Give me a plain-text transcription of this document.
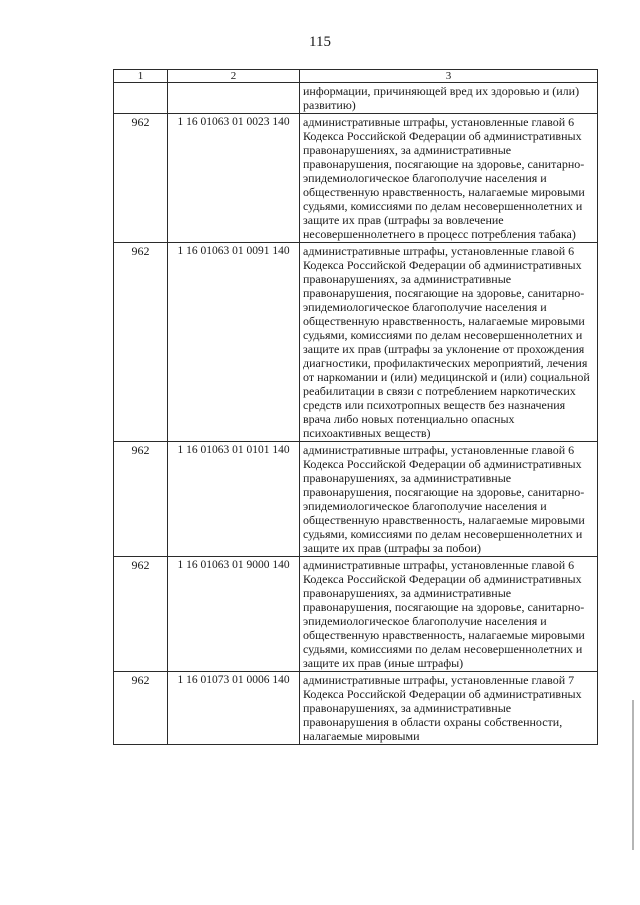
115
1	2	3
		информации, причиняющей вред их здоровью и (или) развитию)
962	1 16 01063 01 0023 140	административные штрафы, установленные главой 6 Кодекса Российской Федерации об административных правонарушениях, за административные правонарушения, посягающие на здоровье, санитарно-эпидемиологическое благополучие населения и общественную нравственность, налагаемые мировыми судьями, комиссиями по делам несовершеннолетних и защите их прав (штрафы за вовлечение несовершеннолетнего в процесс потребления табака)
962	1 16 01063 01 0091 140	административные штрафы, установленные главой 6 Кодекса Российской Федерации об административных правонарушениях, за административные правонарушения, посягающие на здоровье, санитарно-эпидемиологическое благополучие населения и общественную нравственность, налагаемые мировыми судьями, комиссиями по делам несовершеннолетних и защите их прав (штрафы за уклонение от прохождения диагностики, профилактических мероприятий, лечения от наркомании и (или) медицинской и (или) социальной реабилитации в связи с потреблением наркотических средств или психотропных веществ без назначения врача либо новых потенциально опасных психоактивных веществ)
962	1 16 01063 01 0101 140	административные штрафы, установленные главой 6 Кодекса Российской Федерации об административных правонарушениях, за административные правонарушения, посягающие на здоровье, санитарно-эпидемиологическое благополучие населения и общественную нравственность, налагаемые мировыми судьями, комиссиями по делам несовершеннолетних и защите их прав (штрафы за побои)
962	1 16 01063 01 9000 140	административные штрафы, установленные главой 6 Кодекса Российской Федерации об административных правонарушениях, за административные правонарушения, посягающие на здоровье, санитарно-эпидемиологическое благополучие населения и общественную нравственность, налагаемые мировыми судьями, комиссиями по делам несовершеннолетних и защите их прав (иные штрафы)
962	1 16 01073 01 0006 140	административные штрафы, установленные главой 7 Кодекса Российской Федерации об административных правонарушениях, за административные правонарушения в области охраны собственности, налагаемые мировыми
